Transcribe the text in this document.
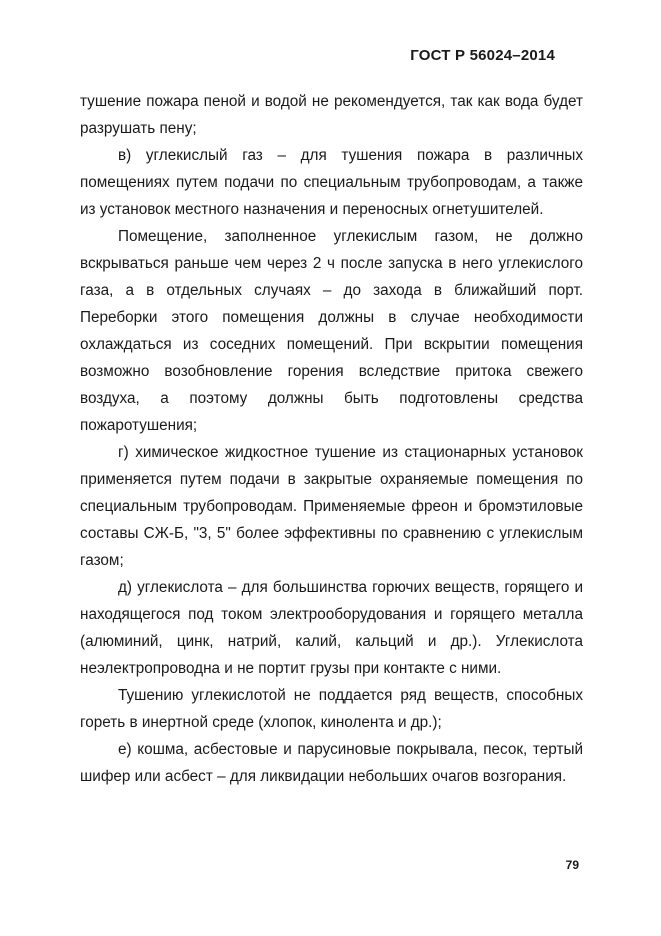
ГОСТ Р 56024–2014

тушение пожара пеной и водой не рекомендуется, так как вода будет разрушать пену;

в) углекислый газ – для тушения пожара в различных помещениях путем подачи по специальным трубопроводам, а также из установок местного назначения и переносных огнетушителей.

Помещение, заполненное углекислым газом, не должно вскрываться раньше чем через 2 ч после запуска в него углекислого газа, а в отдельных случаях – до захода в ближайший порт. Переборки этого помещения должны в случае необходимости охлаждаться из соседних помещений. При вскрытии помещения возможно возобновление горения вследствие притока свежего воздуха, а поэтому должны быть подготовлены средства пожаротушения;

г) химическое жидкостное тушение из стационарных установок применяется путем подачи в закрытые охраняемые помещения по специальным трубопроводам. Применяемые фреон и бромэтиловые составы СЖ-Б, "3, 5" более эффективны по сравнению с углекислым газом;

д) углекислота – для большинства горючих веществ, горящего и находящегося под током электрооборудования и горящего металла (алюминий, цинк, натрий, калий, кальций и др.). Углекислота неэлектропроводна и не портит грузы при контакте с ними.

Тушению углекислотой не поддается ряд веществ, способных гореть в инертной среде (хлопок, кинолента и др.);

е) кошма, асбестовые и парусиновые покрывала, песок, тертый шифер или асбест – для ликвидации небольших очагов возгорания.

79
